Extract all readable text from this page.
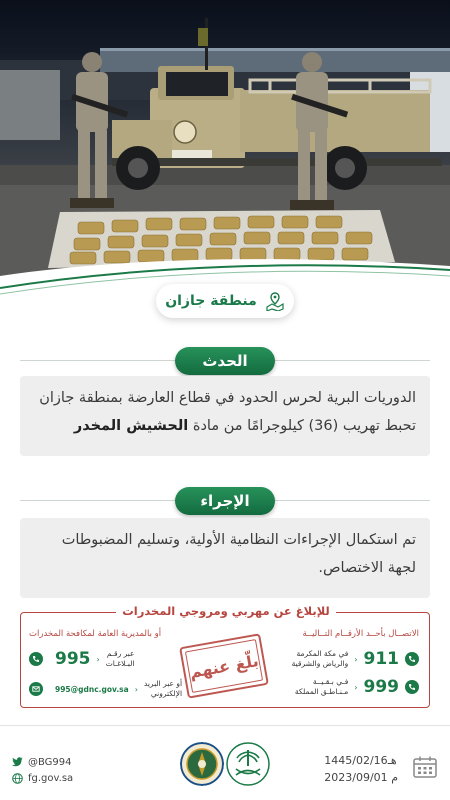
منطقة جازان
الحدث
الدوريات البرية لحرس الحدود في قطاع العارضة بمنطقة جازان
تحبط تهريب (36) كيلوجرامًا من مادة الحشيش المخدر
الإجراء
تم استكمال الإجراءات النظامية الأولية، وتسليم المضبوطات
لجهة الاختصاص.
للإبلاغ عن مهربي ومروجي المخدرات
الاتصــال بأحــد الأرقــام التــاليــة
أو بالمديرية العامة لمكافحة المخدرات
911
‹
في مكة المكرمة
والرياض والشرقية
999
‹
فـي بـقـيــة
مـنـاطـق المملكة
عبر رقـم
البـلاغـات
‹
995
أو عبر البريد
الإلكتروني
‹
995@gdnc.gov.sa
بلّغ عنهم
@BG994
fg.gov.sa
1445/02/16هـ
2023/09/01 م
